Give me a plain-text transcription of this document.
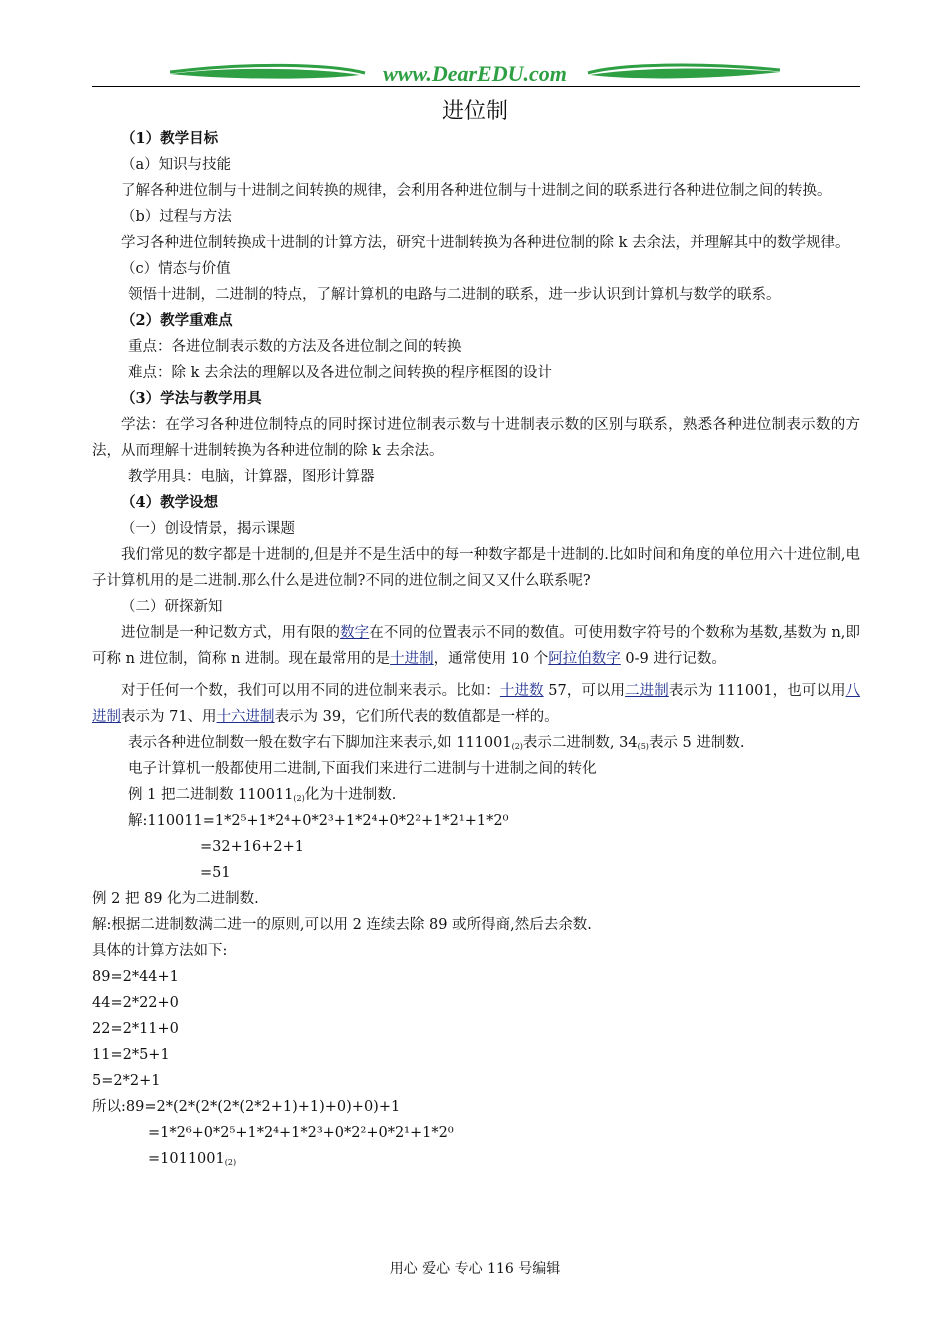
www.DearEDU.com
进位制
（1）教学目标
（a）知识与技能
了解各种进位制与十进制之间转换的规律，会利用各种进位制与十进制之间的联系进行各种进位制之间的转换。
（b）过程与方法
学习各种进位制转换成十进制的计算方法，研究十进制转换为各种进位制的除 k 去余法，并理解其中的数学规律。
（c）情态与价值
领悟十进制，二进制的特点，了解计算机的电路与二进制的联系，进一步认识到计算机与数学的联系。
（2）教学重难点
重点：各进位制表示数的方法及各进位制之间的转换
难点：除 k 去余法的理解以及各进位制之间转换的程序框图的设计
（3）学法与教学用具
学法：在学习各种进位制特点的同时探讨进位制表示数与十进制表示数的区别与联系，熟悉各种进位制表示数的方法，从而理解十进制转换为各种进位制的除 k 去余法。
教学用具：电脑，计算器，图形计算器
（4）教学设想
（一）创设情景，揭示课题
我们常见的数字都是十进制的,但是并不是生活中的每一种数字都是十进制的.比如时间和角度的单位用六十进位制,电子计算机用的是二进制.那么什么是进位制?不同的进位制之间又又什么联系呢?
（二）研探新知
进位制是一种记数方式，用有限的数字在不同的位置表示不同的数值。可使用数字符号的个数称为基数,基数为 n,即可称 n 进位制，简称 n 进制。现在最常用的是十进制，通常使用 10 个阿拉伯数字 0-9 进行记数。
对于任何一个数，我们可以用不同的进位制来表示。比如：十进数 57，可以用二进制表示为 111001，也可以用八进制表示为 71、用十六进制表示为 39，它们所代表的数值都是一样的。
表示各种进位制数一般在数字右下脚加注来表示,如 $111001_{(2)}$表示二进制数, $34_{(5)}$表示 5 进制数.
电子计算机一般都使用二进制,下面我们来进行二进制与十进制之间的转化
例 1 把二进制数 $110011_{(2)}$化为十进制数.
解:110011=1*2⁵+1*2⁴+0*2³+1*2⁴+0*2²+1*2¹+1*2⁰
=32+16+2+1
=51
例 2 把 89 化为二进制数.
解:根据二进制数满二进一的原则,可以用 2 连续去除 89 或所得商,然后去余数.
具体的计算方法如下:
89=2*44+1
44=2*22+0
22=2*11+0
11=2*5+1
5=2*2+1
所以:89=2*(2*(2*(2*(2*2+1)+1)+0)+0)+1
=1*2⁶+0*2⁵+1*2⁴+1*2³+0*2²+0*2¹+1*2⁰
$=1011001_{(2)}$
用心 爱心 专心 116 号编辑
